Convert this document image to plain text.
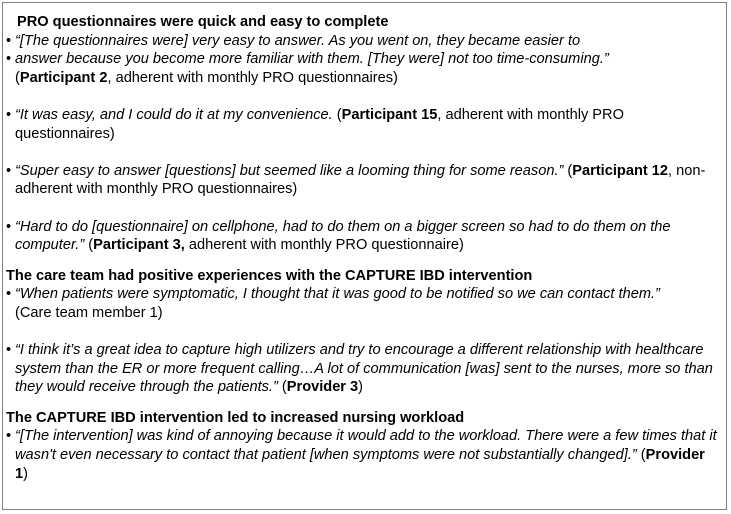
PRO questionnaires were quick and easy to complete

• “[The questionnaires were] very easy to answer. As you went on, they became easier to
• answer because you become more familiar with them. [They were] not too time-consuming.”
(Participant 2, adherent with monthly PRO questionnaires)
• “It was easy, and I could do it at my convenience. (Participant 15, adherent with monthly PRO questionnaires)
• “Super easy to answer [questions] but seemed like a looming thing for some reason.” (Participant 12, non-adherent with monthly PRO questionnaires)
• “Hard to do [questionnaire] on cellphone, had to do them on a bigger screen so had to do them on the computer.” (Participant 3, adherent with monthly PRO questionnaire)

The care team had positive experiences with the CAPTURE IBD intervention

• “When patients were symptomatic, I thought that it was good to be notified so we can contact them.”
(Care team member 1)
• “I think it’s a great idea to capture high utilizers and try to encourage a different relationship with healthcare system than the ER or more frequent calling…A lot of communication [was] sent to the nurses, more so than they would receive through the patients.” (Provider 3)

The CAPTURE IBD intervention led to increased nursing workload

• “[The intervention] was kind of annoying because it would add to the workload. There were a few times that it wasn't even necessary to contact that patient [when symptoms were not substantially changed].” (Provider 1)
